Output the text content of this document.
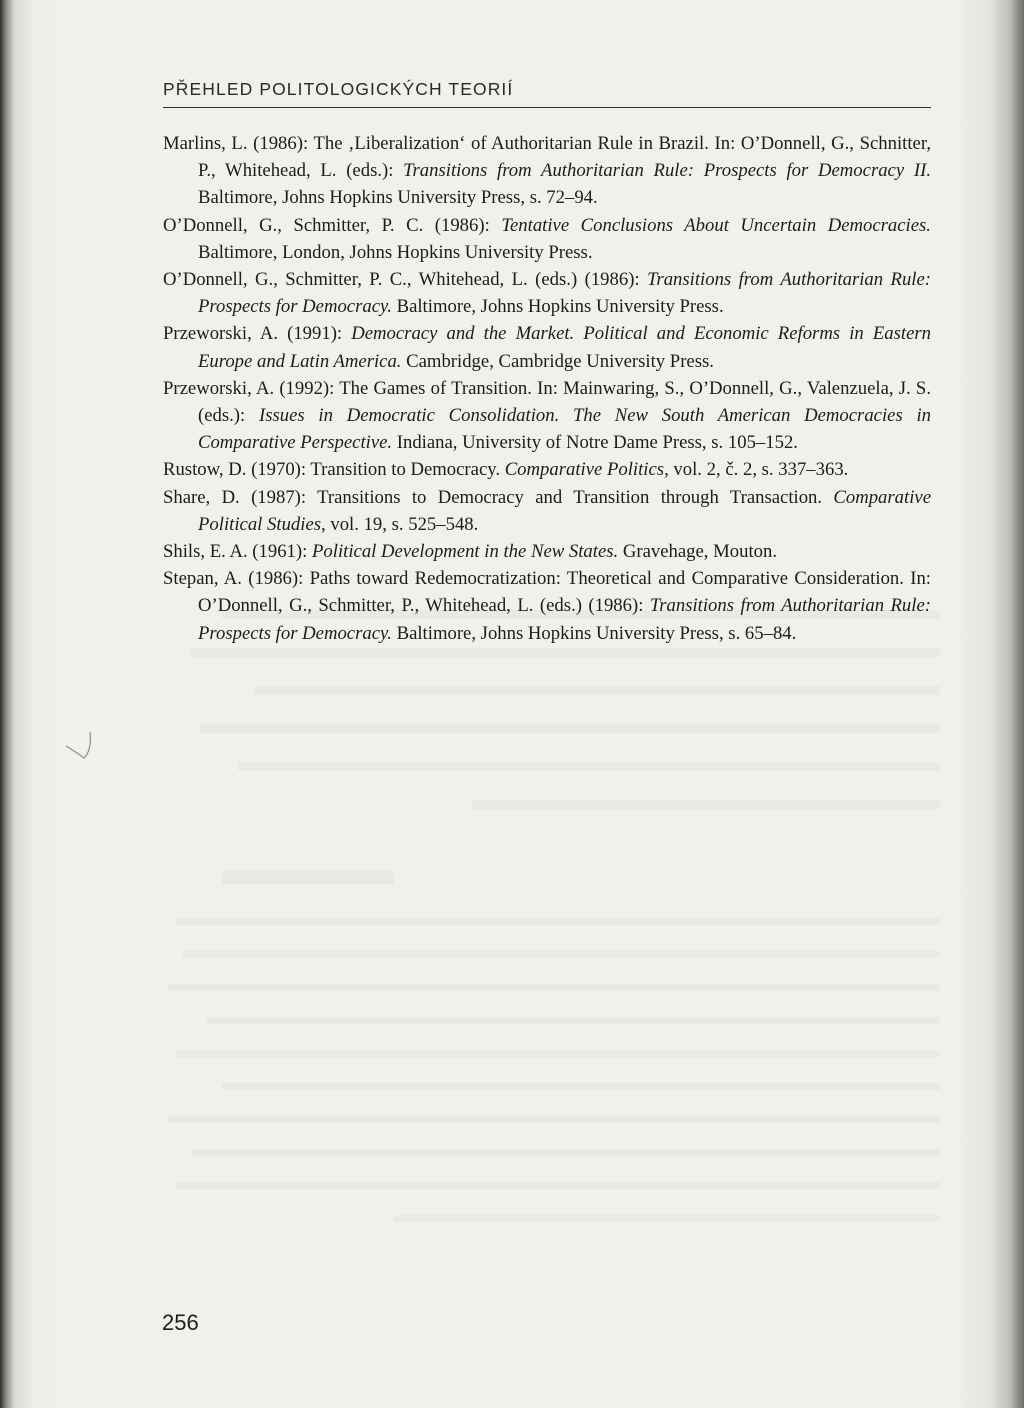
PŘEHLED POLITOLOGICKÝCH TEORIÍ
Marlins, L. (1986): The ‚Liberalization‘ of Authoritarian Rule in Brazil. In: O’Donnell, G., Schnitter, P., Whitehead, L. (eds.): Transitions from Authoritarian Rule: Prospects for Democracy II. Baltimore, Johns Hopkins University Press, s. 72–94.
O’Donnell, G., Schmitter, P. C. (1986): Tentative Conclusions About Uncertain Democracies. Baltimore, London, Johns Hopkins University Press.
O’Donnell, G., Schmitter, P. C., Whitehead, L. (eds.) (1986): Transitions from Authoritarian Rule: Prospects for Democracy. Baltimore, Johns Hopkins University Press.
Przeworski, A. (1991): Democracy and the Market. Political and Economic Reforms in Eastern Europe and Latin America. Cambridge, Cambridge University Press.
Przeworski, A. (1992): The Games of Transition. In: Mainwaring, S., O’Donnell, G., Valenzuela, J. S. (eds.): Issues in Democratic Consolidation. The New South American Democracies in Comparative Perspective. Indiana, University of Notre Dame Press, s. 105–152.
Rustow, D. (1970): Transition to Democracy. Comparative Politics, vol. 2, č. 2, s. 337–363.
Share, D. (1987): Transitions to Democracy and Transition through Transaction. Comparative Political Studies, vol. 19, s. 525–548.
Shils, E. A. (1961): Political Development in the New States. Gravehage, Mouton.
Stepan, A. (1986): Paths toward Redemocratization: Theoretical and Comparative Consideration. In: O’Donnell, G., Schmitter, P., Whitehead, L. (eds.) (1986): Transitions from Authoritarian Rule: Prospects for Democracy. Baltimore, Johns Hopkins University Press, s. 65–84.
256
